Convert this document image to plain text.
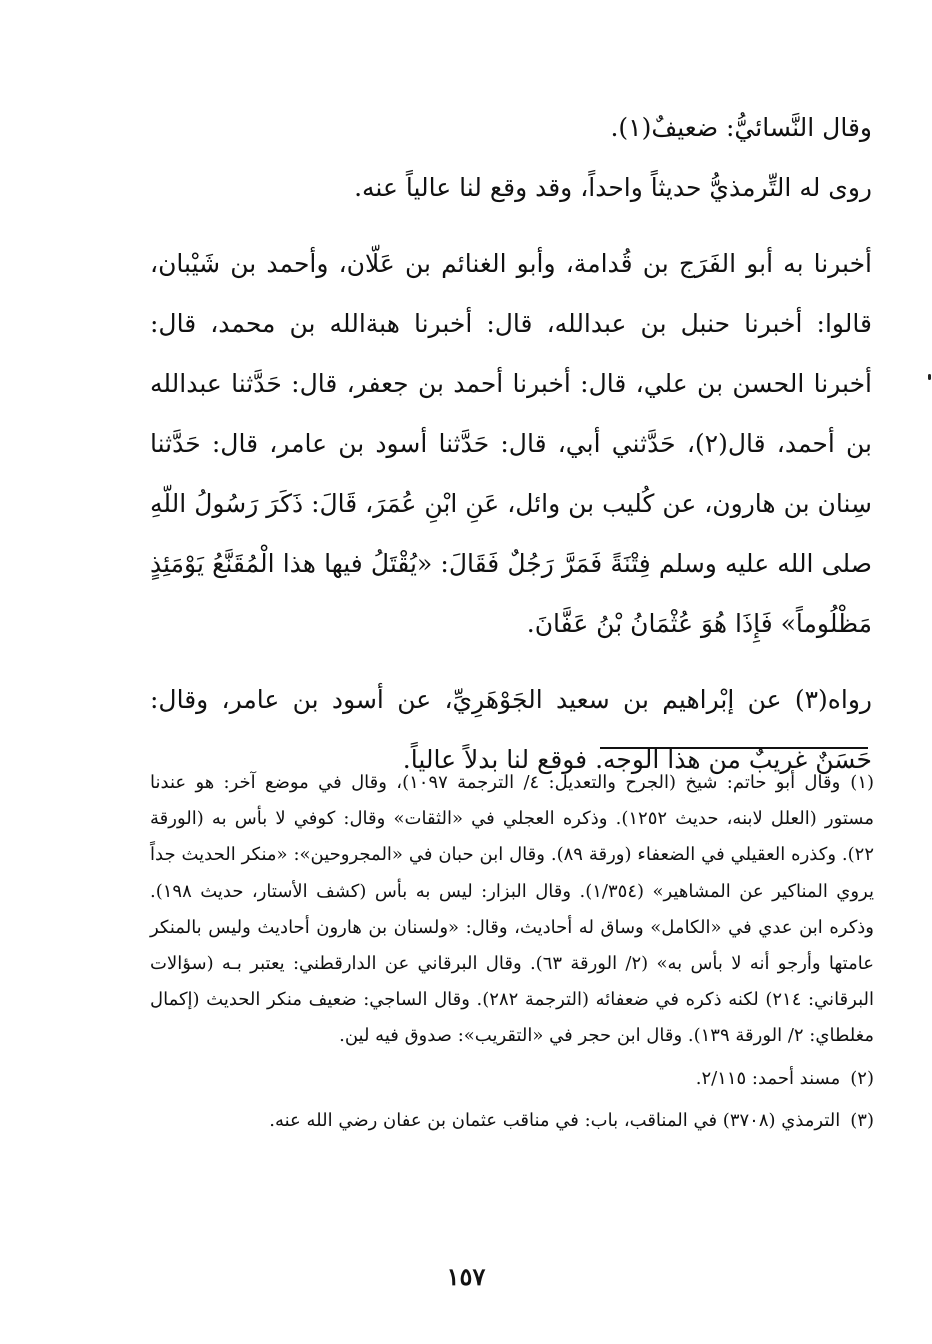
وقال النَّسائيُّ: ضعيفٌ(١).

روى له التِّرمذيُّ حديثاً واحداً، وقد وقع لنا عالياً عنه.

أخبرنا به أبو الفَرَج بن قُدامة، وأبو الغنائم بن عَلّان، وأحمد بن شَيْبان، قالوا: أخبرنا حنبل بن عبدالله، قال: أخبرنا هبةالله بن محمد، قال: أخبرنا الحسن بن علي، قال: أخبرنا أحمد بن جعفر، قال: حَدَّثنا عبدالله بن أحمد، قال(٢)، حَدَّثني أبي، قال: حَدَّثنا أسود بن عامر، قال: حَدَّثنا سِنان بن هارون، عن كُليب بن وائل، عَنِ ابْنِ عُمَرَ، قَالَ: ذَكَرَ رَسُولُ اللّهِ صلى الله عليه وسلم فِتْنَةً فَمَرَّ رَجُلٌ فَقَالَ: «يُقْتَلُ فيها هذا الْمُقَنَّعُ يَوْمَئِذٍ مَظْلُوماً» فَإِذَا هُوَ عُثْمَانُ بْنُ عَفَّانَ.

رواه(٣) عن إبْراهيم بن سعيد الجَوْهَرِيِّ، عن أسود بن عامر، وقال: حَسَنٌ غريبٌ من هذا الوجه. فوقع لنا بدلاً عالياً.

(١)وقال أبو حاتم: شيخ (الجرح والتعديل: ٤/ الترجمة ١٠٩٧)، وقال في موضع آخر: هو عندنا مستور (العلل لابنه، حديث ١٢٥٢). وذكره العجلي في «الثقات» وقال: كوفي لا بأس به (الورقة ٢٢). وكذره العقيلي في الضعفاء (ورقة ٨٩). وقال ابن حبان في «المجروحين»: «منكر الحديث جداً يروي المناكير عن المشاهير» (١/٣٥٤). وقال البزار: ليس به بأس (كشف الأستار، حديث ١٩٨). وذكره ابن عدي في «الكامل» وساق له أحاديث، وقال: «ولسنان بن هارون أحاديث وليس بالمنكر عامتها وأرجو أنه لا بأس به» (٢/ الورقة ٦٣). وقال البرقاني عن الدارقطني: يعتبر بـه (سؤالات البرقاني: ٢١٤) لكنه ذكره في ضعفائه (الترجمة ٢٨٢). وقال الساجي: ضعيف منكر الحديث (إكمال مغلطاي: ٢/ الورقة ١٣٩). وقال ابن حجر في «التقريب»: صدوق فيه لين.

(٢)مسند أحمد: ٢/١١٥.

(٣)الترمذي (٣٧٠٨) في المناقب، باب: في مناقب عثمان بن عفان رضي الله عنه.

١٥٧
